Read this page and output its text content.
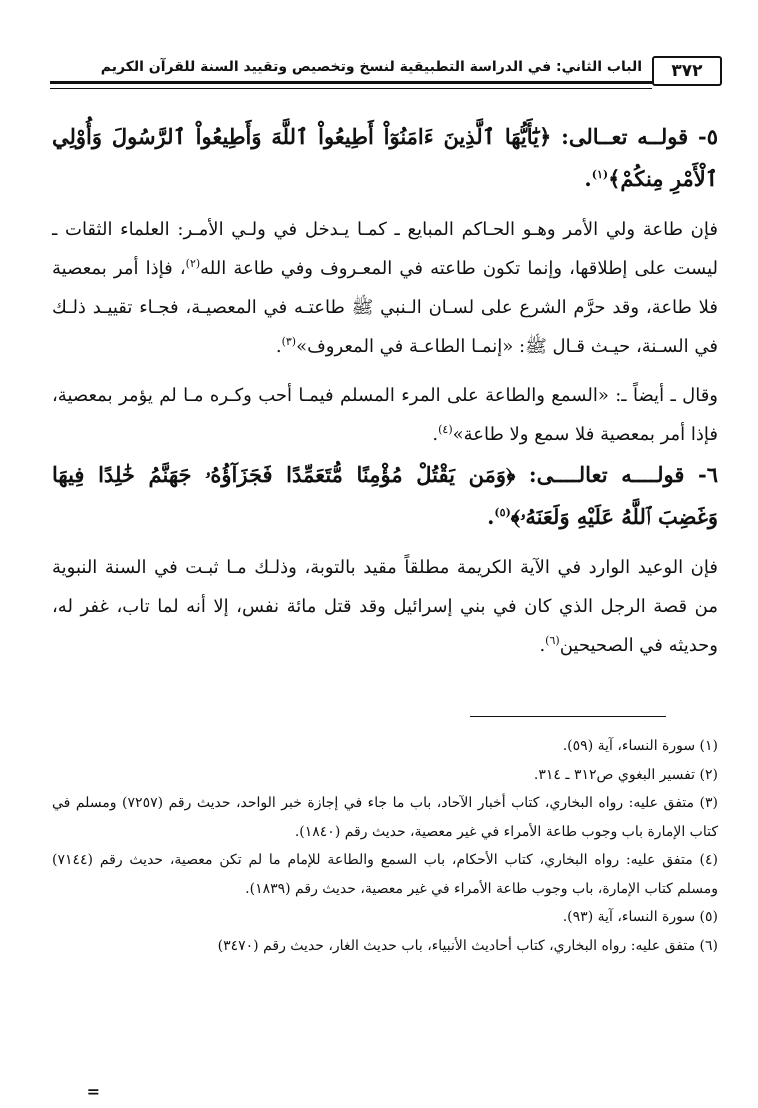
٣٧٢
الباب الثاني: في الدراسة التطبيقية لنسخ وتخصيص وتقييد السنة للقرآن الكريم

٥- قولــه تعــالى: ﴿يَٰٓأَيُّهَا ٱلَّذِينَ ءَامَنُوٓاْ أَطِيعُواْ ٱللَّهَ وَأَطِيعُواْ ٱلرَّسُولَ وَأُوْلِي ٱلْأَمْرِ مِنكُمْ﴾$^{(١)}$.

فإن طاعة ولي الأمر وهـو الحـاكم المبايع ـ كمـا يـدخل في ولـي الأمـر: العلماء الثقات ـ ليست على إطلاقها، وإنما تكون طاعته في المعـروف وفي طاعة الله$^{(٢)}$، فإذا أمر بمعصية فلا طاعة، وقد حرَّم الشرع على لسـان الـنبي ﷺ طاعتـه في المعصيـة، فجـاء تقييـد ذلـك في السـنة، حيـث قـال ﷺ: «إنمـا الطاعـة في المعروف»$^{(٣)}$.

وقال ـ أيضاً ـ: «السمع والطاعة على المرء المسلم فيمـا أحب وكـره مـا لم يؤمر بمعصية، فإذا أمر بمعصية فلا سمع ولا طاعة»$^{(٤)}$.

٦- قولــــه تعالــــى: ﴿وَمَن يَقْتُلْ مُؤْمِنًا مُّتَعَمِّدًا فَجَزَآؤُهُۥ جَهَنَّمُ خَٰلِدًا فِيهَا وَغَضِبَ ٱللَّهُ عَلَيْهِ وَلَعَنَهُۥ﴾$^{(٥)}$.

فإن الوعيد الوارد في الآية الكريمة مطلقاً مقيد بالتوبة، وذلـك مـا ثبـت في السنة النبوية من قصة الرجل الذي كان في بني إسرائيل وقد قتل مائة نفس، إلا أنه لما تاب، غفر له، وحديثه في الصحيحين$^{(٦)}$.

(١) سورة النساء، آية (٥٩).

(٢) تفسير البغوي ص٣١٢ ـ ٣١٤.

(٣) متفق عليه: رواه البخاري، كتاب أخبار الآحاد، باب ما جاء في إجازة خبر الواحد، حديث رقم (٧٢٥٧) ومسلم في كتاب الإمارة باب وجوب طاعة الأمراء في غير معصية، حديث رقم (١٨٤٠).

(٤) متفق عليه: رواه البخاري، كتاب الأحكام، باب السمع والطاعة للإمام ما لم تكن معصية، حديث رقم (٧١٤٤) ومسلم كتاب الإمارة، باب وجوب طاعة الأمراء في غير معصية، حديث رقم (١٨٣٩).

(٥) سورة النساء، آية (٩٣).

(٦) متفق عليه: رواه البخاري، كتاب أحاديث الأنبياء، باب حديث الغار، حديث رقم (٣٤٧٠)

=
